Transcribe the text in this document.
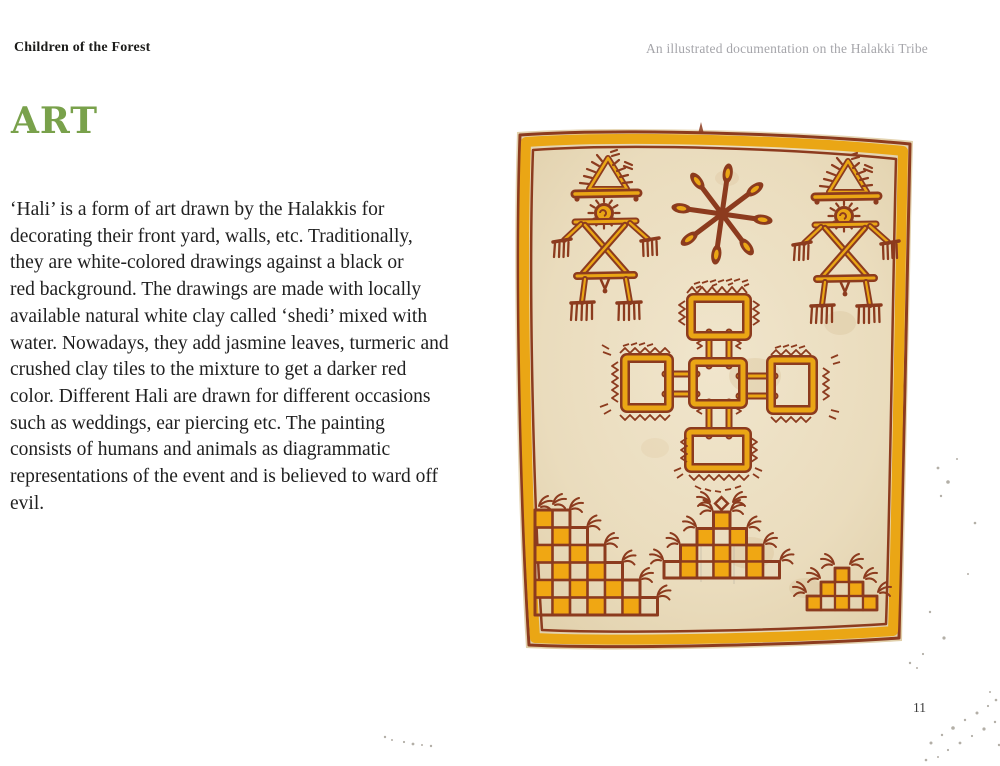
Children of the Forest	An illustrated documentation on the Halakki Tribe
ART
‘Hali’ is a form of art drawn by the Halakkis for
decorating their front yard, walls, etc. Traditionally,
they are white-colored drawings against a black or
red background. The drawings are made with locally
available natural white clay called ‘shedi’ mixed with
water. Nowadays, they add jasmine leaves, turmeric and
crushed clay tiles to the mixture to get a darker red
color. Different Hali are drawn for different occasions
such as weddings, ear piercing etc. The painting
consists of humans and animals as diagrammatic
representations of the event and is believed to ward off
evil.
11
